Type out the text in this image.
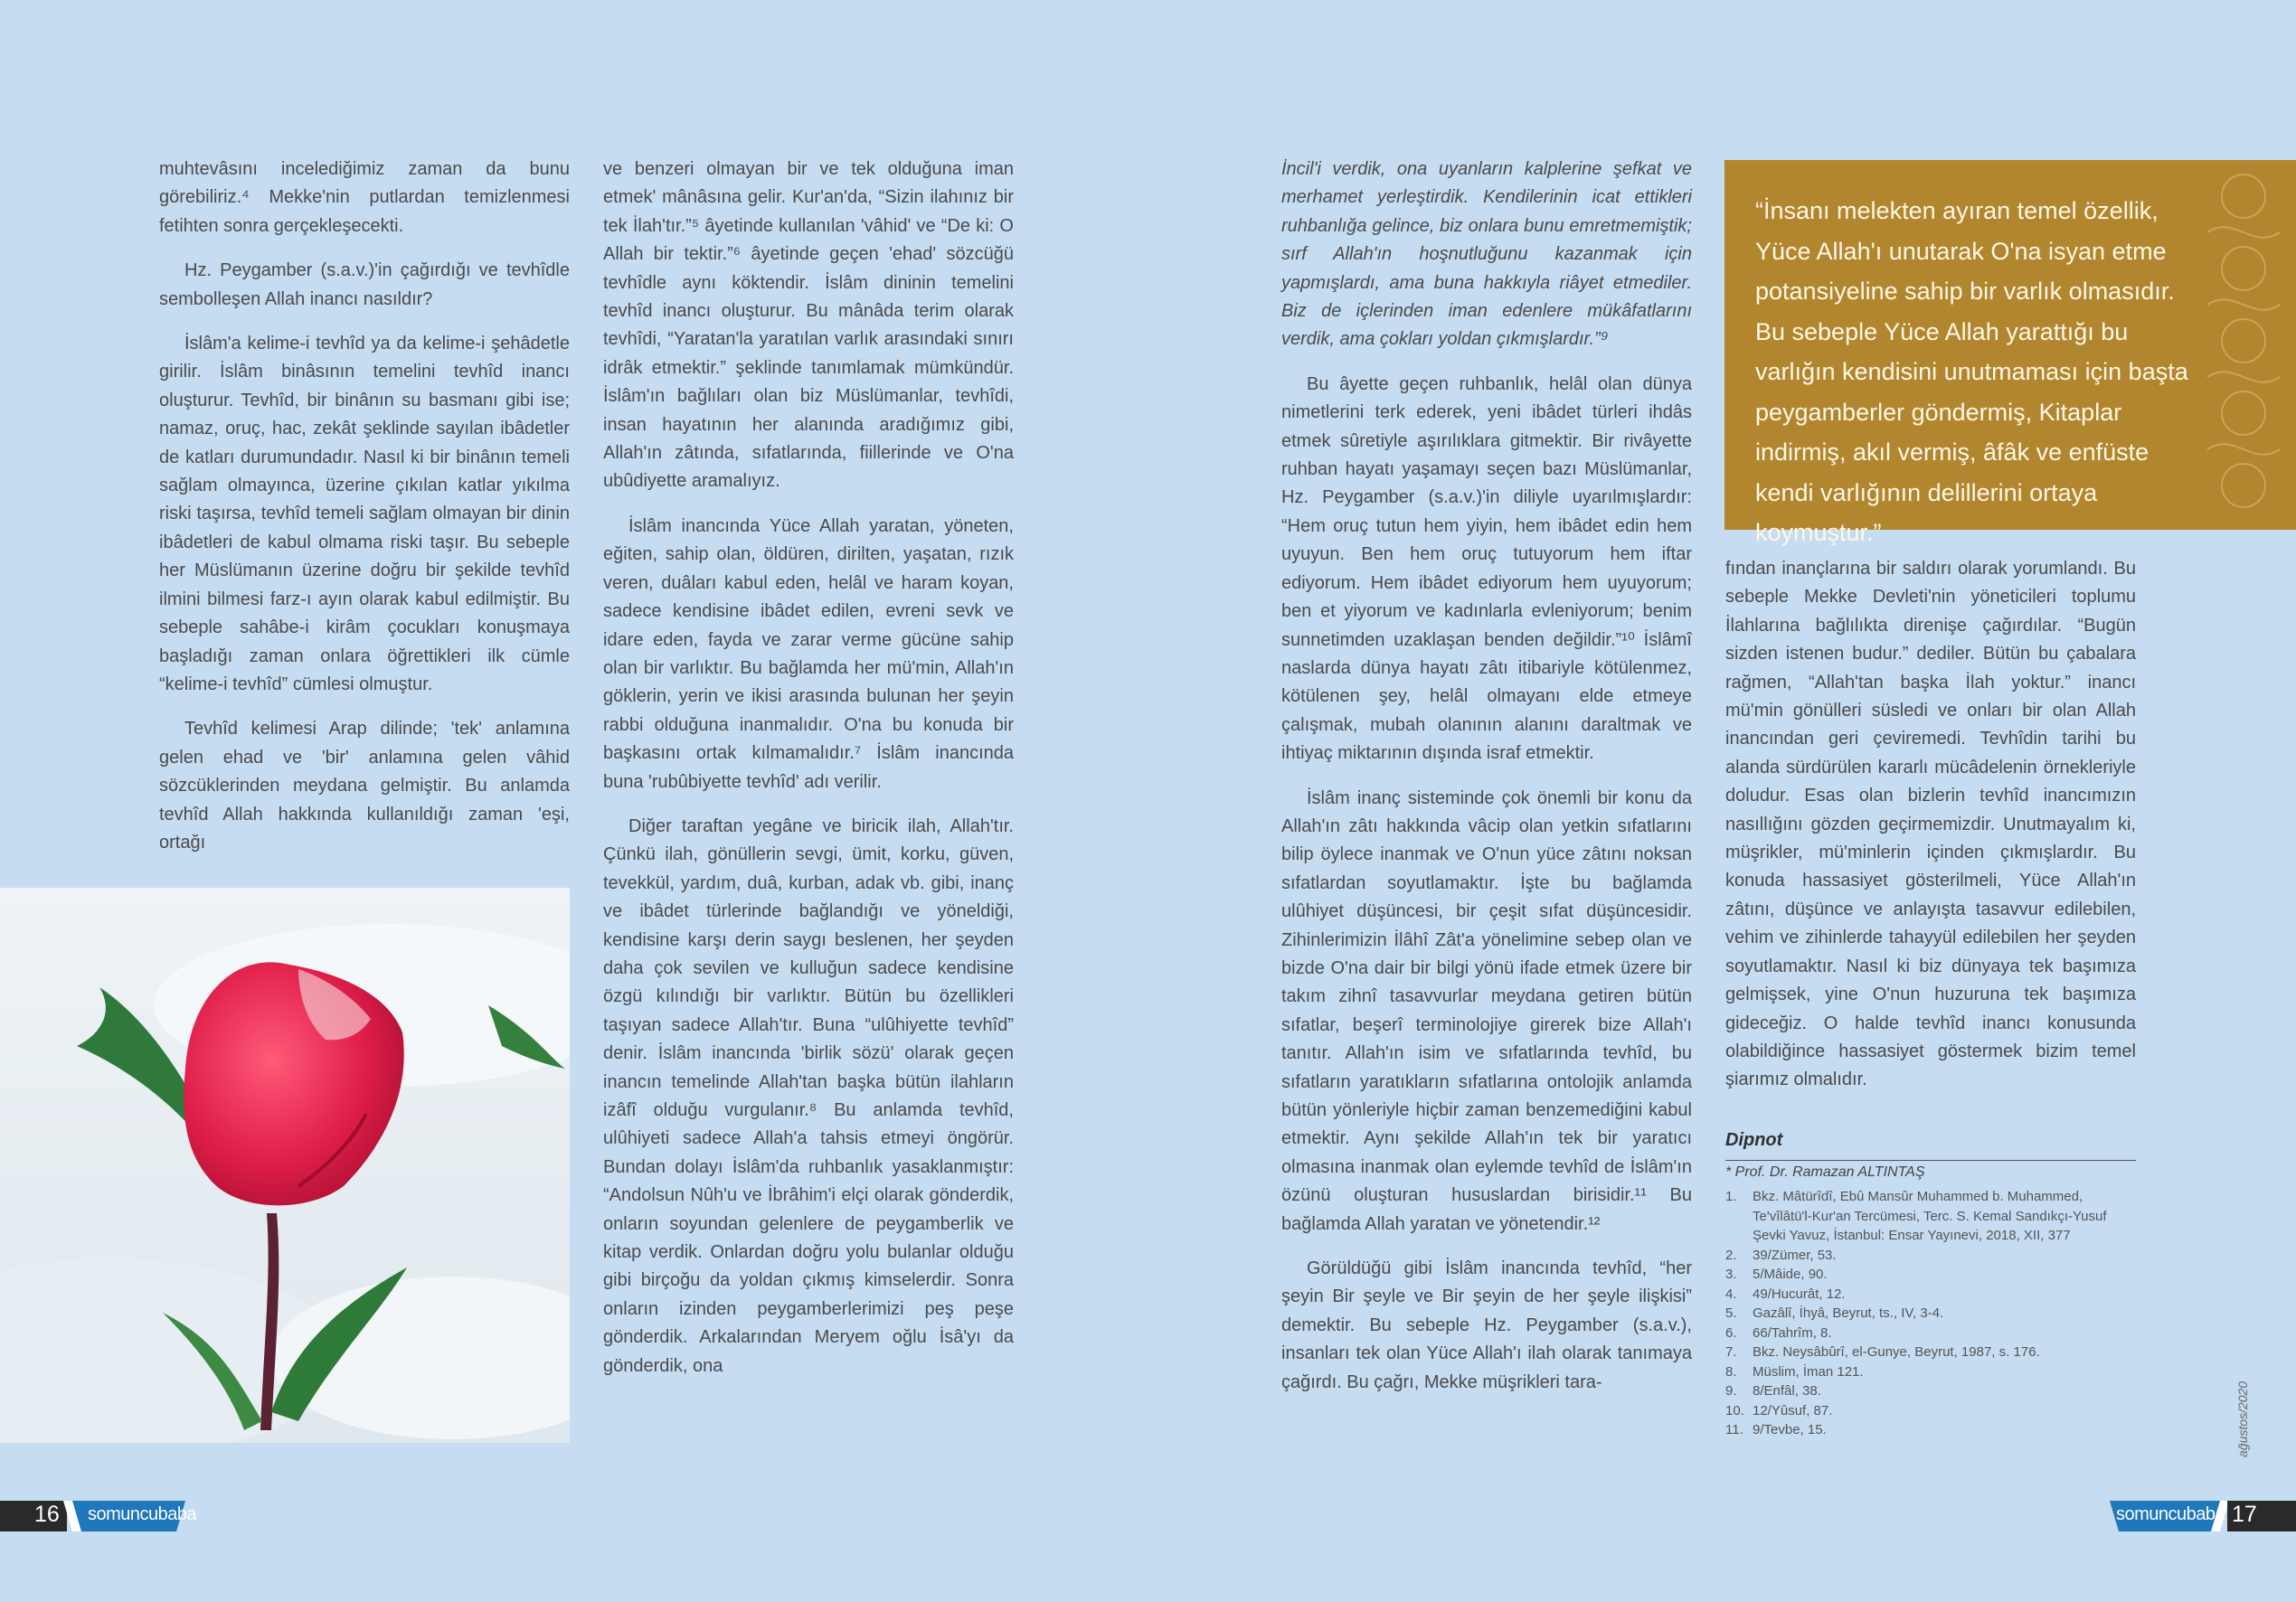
muhtevâsını incelediğimiz zaman da bunu görebiliriz.⁴ Mekke'nin putlardan temizlenmesi fetihten sonra gerçekleşecekti.

Hz. Peygamber (s.a.v.)'in çağırdığı ve tevhîdle sembolleşen Allah inancı nasıldır?

İslâm'a kelime-i tevhîd ya da kelime-i şehâdetle girilir. İslâm binâsının temelini tevhîd inancı oluşturur. Tevhîd, bir binânın su basmanı gibi ise; namaz, oruç, hac, zekât şeklinde sayılan ibâdetler de katları durumundadır. Nasıl ki bir binânın temeli sağlam olmayınca, üzerine çıkılan katlar yıkılma riski taşırsa, tevhîd temeli sağlam olmayan bir dinin ibâdetleri de kabul olmama riski taşır. Bu sebeple her Müslümanın üzerine doğru bir şekilde tevhîd ilmini bilmesi farz-ı ayın olarak kabul edilmiştir. Bu sebeple sahâbe-i kirâm çocukları konuşmaya başladığı zaman onlara öğrettikleri ilk cümle “kelime-i tevhîd” cümlesi olmuştur.

Tevhîd kelimesi Arap dilinde; 'tek' anlamına gelen ehad ve 'bir' anlamına gelen vâhid sözcüklerinden meydana gelmiştir. Bu anlamda tevhîd Allah hakkında kullanıldığı zaman 'eşi, ortağı

ve benzeri olmayan bir ve tek olduğuna iman etmek' mânâsına gelir. Kur'an'da, “Sizin ilahınız bir tek İlah'tır.”⁵ âyetinde kullanılan 'vâhid' ve “De ki: O Allah bir tektir.”⁶ âyetinde geçen 'ehad' sözcüğü tevhîdle aynı köktendir. İslâm dininin temelini tevhîd inancı oluşturur. Bu mânâda terim olarak tevhîdi, “Yaratan'la yaratılan varlık arasındaki sınırı idrâk etmektir.” şeklinde tanımlamak mümkündür. İslâm'ın bağlıları olan biz Müslümanlar, tevhîdi, insan hayatının her alanında aradığımız gibi, Allah'ın zâtında, sıfatlarında, fiillerinde ve O'na ubûdiyette aramalıyız.

İslâm inancında Yüce Allah yaratan, yöneten, eğiten, sahip olan, öldüren, dirilten, yaşatan, rızık veren, duâları kabul eden, helâl ve haram koyan, sadece kendisine ibâdet edilen, evreni sevk ve idare eden, fayda ve zarar verme gücüne sahip olan bir varlıktır. Bu bağlamda her mü'min, Allah'ın göklerin, yerin ve ikisi arasında bulunan her şeyin rabbi olduğuna inanmalıdır. O'na bu konuda bir başkasını ortak kılmamalıdır.⁷ İslâm inancında buna 'rubûbiyette tevhîd' adı verilir.

Diğer taraftan yegâne ve biricik ilah, Allah'tır. Çünkü ilah, gönüllerin sevgi, ümit, korku, güven, tevekkül, yardım, duâ, kurban, adak vb. gibi, inanç ve ibâdet türlerinde bağlandığı ve yöneldiği, kendisine karşı derin saygı beslenen, her şeyden daha çok sevilen ve kulluğun sadece kendisine özgü kılındığı bir varlıktır. Bütün bu özellikleri taşıyan sadece Allah'tır. Buna “ulûhiyette tevhîd” denir. İslâm inancında 'birlik sözü' olarak geçen inancın temelinde Allah'tan başka bütün ilahların izâfî olduğu vurgulanır.⁸ Bu anlamda tevhîd, ulûhiyeti sadece Allah'a tahsis etmeyi öngörür. Bundan dolayı İslâm'da ruhbanlık yasaklanmıştır: “Andolsun Nûh'u ve İbrâhim'i elçi olarak gönderdik, onların soyundan gelenlere de peygamberlik ve kitap verdik. Onlardan doğru yolu bulanlar olduğu gibi birçoğu da yoldan çıkmış kimselerdir. Sonra onların izinden peygamberlerimizi peş peşe gönderdik. Arkalarından Meryem oğlu İsâ'yı da gönderdik, ona

İncil'i verdik, ona uyanların kalplerine şefkat ve merhamet yerleştirdik. Kendilerinin icat ettikleri ruhbanlığa gelince, biz onlara bunu emretmemiştik; sırf Allah'ın hoşnutluğunu kazanmak için yapmışlardı, ama buna hakkıyla riâyet etmediler. Biz de içlerinden iman edenlere mükâfatlarını verdik, ama çokları yoldan çıkmışlardır.”⁹

Bu âyette geçen ruhbanlık, helâl olan dünya nimetlerini terk ederek, yeni ibâdet türleri ihdâs etmek sûretiyle aşırılıklara gitmektir. Bir rivâyette ruhban hayatı yaşamayı seçen bazı Müslümanlar, Hz. Peygamber (s.a.v.)'in diliyle uyarılmışlardır: “Hem oruç tutun hem yiyin, hem ibâdet edin hem uyuyun. Ben hem oruç tutuyorum hem iftar ediyorum. Hem ibâdet ediyorum hem uyuyorum; ben et yiyorum ve kadınlarla evleniyorum; benim sunnetimden uzaklaşan benden değildir.”¹⁰ İslâmî naslarda dünya hayatı zâtı itibariyle kötülenmez, kötülenen şey, helâl olmayanı elde etmeye çalışmak, mubah olanının alanını daraltmak ve ihtiyaç miktarının dışında israf etmektir.

İslâm inanç sisteminde çok önemli bir konu da Allah'ın zâtı hakkında vâcip olan yetkin sıfatlarını bilip öylece inanmak ve O'nun yüce zâtını noksan sıfatlardan soyutlamaktır. İşte bu bağlamda ulûhiyet düşüncesi, bir çeşit sıfat düşüncesidir. Zihinlerimizin İlâhî Zât'a yönelimine sebep olan ve bizde O'na dair bir bilgi yönü ifade etmek üzere bir takım zihnî tasavvurlar meydana getiren bütün sıfatlar, beşerî terminolojiye girerek bize Allah'ı tanıtır. Allah'ın isim ve sıfatlarında tevhîd, bu sıfatların yaratıkların sıfatlarına ontolojik anlamda bütün yönleriyle hiçbir zaman benzemediğini kabul etmektir. Aynı şekilde Allah'ın tek bir yaratıcı olmasına inanmak olan eylemde tevhîd de İslâm'ın özünü oluşturan hususlardan birisidir.¹¹ Bu bağlamda Allah yaratan ve yönetendir.¹²

Görüldüğü gibi İslâm inancında tevhîd, “her şeyin Bir şeyle ve Bir şeyin de her şeyle ilişkisi” demektir. Bu sebeple Hz. Peygamber (s.a.v.), insanları tek olan Yüce Allah'ı ilah olarak tanımaya çağırdı. Bu çağrı, Mekke müşrikleri tara-

“İnsanı melekten ayıran temel özellik, Yüce Allah'ı unutarak O'na isyan etme potansiyeline sahip bir varlık olmasıdır. Bu sebeple Yüce Allah yarattığı bu varlığın kendisini unutmaması için başta peygamberler göndermiş, Kitaplar indirmiş, akıl vermiş, âfâk ve enfüste kendi varlığının delillerini ortaya koymuştur.”

fından inançlarına bir saldırı olarak yorumlandı. Bu sebeple Mekke Devleti'nin yöneticileri toplumu İlahlarına bağlılıkta direnişe çağırdılar. “Bugün sizden istenen budur.” dediler. Bütün bu çabalara rağmen, “Allah'tan başka İlah yoktur.” inancı mü'min gönülleri süsledi ve onları bir olan Allah inancından geri çeviremedi. Tevhîdin tarihi bu alanda sürdürülen kararlı mücâdelenin örnekleriyle doludur. Esas olan bizlerin tevhîd inancımızın nasıllığını gözden geçirmemizdir. Unutmayalım ki, müşrikler, mü'minlerin içinden çıkmışlardır. Bu konuda hassasiyet gösterilmeli, Yüce Allah'ın zâtını, düşünce ve anlayışta tasavvur edilebilen, vehim ve zihinlerde tahayyül edilebilen her şeyden soyutlamaktır. Nasıl ki biz dünyaya tek başımıza gelmişsek, yine O'nun huzuruna tek başımıza gideceğiz. O halde tevhîd inancı konusunda olabildiğince hassasiyet göstermek bizim temel şiarımız olmalıdır.

Dipnot
* Prof. Dr. Ramazan ALTINTAŞ
1.	Bkz. Mâtürîdî, Ebû Mansûr Muhammed b. Muhammed, Te'vîlâtü'l-Kur'an Tercümesi, Terc. S. Kemal Sandıkçı-Yusuf Şevki Yavuz, İstanbul: Ensar Yayınevi, 2018, XII, 377
2.	39/Zümer, 53.
3.	5/Mâide, 90.
4.	49/Hucurât, 12.
5.	Gazâlî, İhyâ, Beyrut, ts., IV, 3-4.
6.	66/Tahrîm, 8.
7.	Bkz. Neysâbûrî, el-Gunye, Beyrut, 1987, s. 176.
8.	Müslim, İman 121.
9.	8/Enfâl, 38.
10. 12/Yûsuf, 87.
11. 9/Tevbe, 15.
16 somuncubaba	somuncubaba 17
ağustos/2020
